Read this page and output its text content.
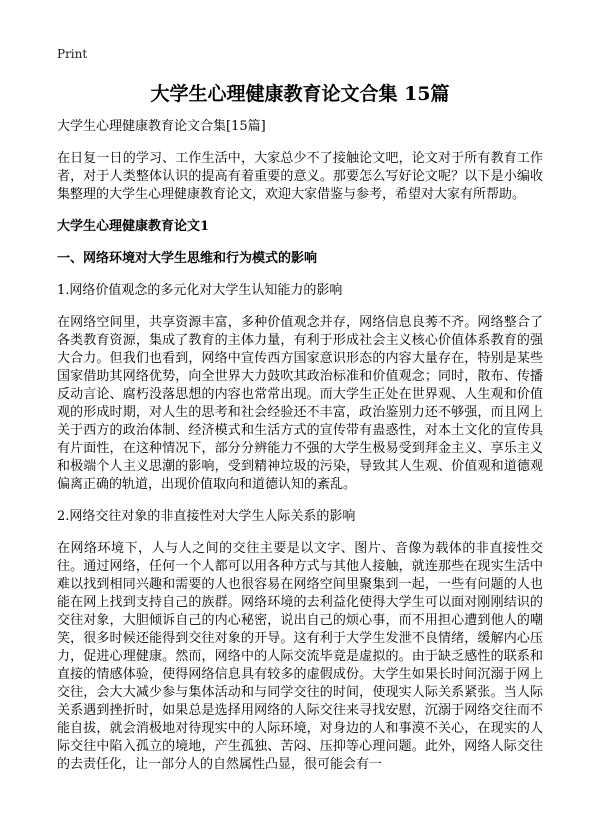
Print
大学生心理健康教育论文合集 15篇
大学生心理健康教育论文合集[15篇]

在日复一日的学习、工作生活中，大家总少不了接触论文吧，论文对于所有教育工作者，对于人类整体认识的提高有着重要的意义。那要怎么写好论文呢？以下是小编收集整理的大学生心理健康教育论文，欢迎大家借鉴与参考，希望对大家有所帮助。

大学生心理健康教育论文1
一、网络环境对大学生思维和行为模式的影响
1.网络价值观念的多元化对大学生认知能力的影响

在网络空间里，共享资源丰富，多种价值观念并存，网络信息良莠不齐。网络整合了各类教育资源，集成了教育的主体力量，有利于形成社会主义核心价值体系教育的强大合力。但我们也看到，网络中宣传西方国家意识形态的内容大量存在，特别是某些国家借助其网络优势，向全世界大力鼓吹其政治标准和价值观念；同时，散布、传播反动言论、腐朽没落思想的内容也常常出现。而大学生正处在世界观、人生观和价值观的形成时期，对人生的思考和社会经验还不丰富，政治鉴别力还不够强，而且网上关于西方的政治体制、经济模式和生活方式的宣传带有蛊惑性，对本土文化的宣传具有片面性，在这种情况下，部分分辨能力不强的大学生极易受到拜金主义、享乐主义和极端个人主义思潮的影响，受到精神垃圾的污染，导致其人生观、价值观和道德观偏离正确的轨道，出现价值取向和道德认知的紊乱。

2.网络交往对象的非直接性对大学生人际关系的影响

在网络环境下，人与人之间的交往主要是以文字、图片、音像为载体的非直接性交往。通过网络，任何一个人都可以用各种方式与其他人接触，就连那些在现实生活中难以找到相同兴趣和需要的人也很容易在网络空间里聚集到一起，一些有问题的人也能在网上找到支持自己的族群。网络环境的去利益化使得大学生可以面对刚刚结识的交往对象，大胆倾诉自己的内心秘密，说出自己的烦心事，而不用担心遭到他人的嘲笑，很多时候还能得到交往对象的开导。这有利于大学生发泄不良情绪，缓解内心压力，促进心理健康。然而，网络中的人际交流毕竟是虚拟的。由于缺乏感性的联系和直接的情感体验，使得网络信息具有较多的虚假成份。大学生如果长时间沉溺于网上交往，会大大减少参与集体活动和与同学交往的时间，使现实人际关系紧张。当人际关系遇到挫折时，如果总是选择用网络的人际交往来寻找安慰，沉溺于网络交往而不能自拔，就会消极地对待现实中的人际环境，对身边的人和事漠不关心，在现实的人际交往中陷入孤立的境地，产生孤独、苦闷、压抑等心理问题。此外，网络人际交往的去责任化，让一部分人的自然属性凸显，很可能会有一
